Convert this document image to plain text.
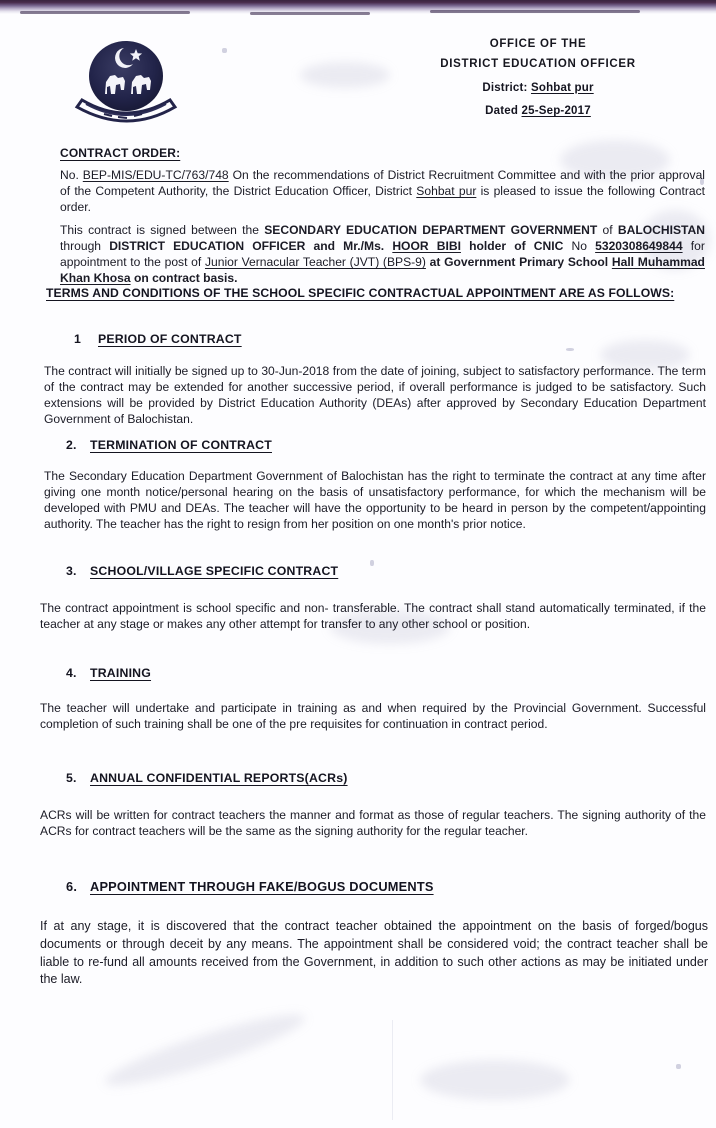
OFFICE OF THE
DISTRICT EDUCATION OFFICER
District: Sohbat pur
Dated 25-Sep-2017
CONTRACT ORDER:
No. BEP-MIS/EDU-TC/763/748 On the recommendations of District Recruitment Committee and with the prior approval of the Competent Authority, the District Education Officer, District Sohbat pur is pleased to issue the following Contract order.
This contract is signed between the SECONDARY EDUCATION DEPARTMENT GOVERNMENT of BALOCHISTAN through DISTRICT EDUCATION OFFICER and Mr./Ms. HOOR BIBI holder of CNIC No 5320308649844 for appointment to the post of Junior Vernacular Teacher (JVT) (BPS-9) at Government Primary School Hall Muhammad Khan Khosa on contract basis.
TERMS AND CONDITIONS OF THE SCHOOL SPECIFIC CONTRACTUAL APPOINTMENT ARE AS FOLLOWS:
1 PERIOD OF CONTRACT
The contract will initially be signed up to 30-Jun-2018 from the date of joining, subject to satisfactory performance. The term of the contract may be extended for another successive period, if overall performance is judged to be satisfactory. Such extensions will be provided by District Education Authority (DEAs) after approved by Secondary Education Department Government of Balochistan.
2. TERMINATION OF CONTRACT
The Secondary Education Department Government of Balochistan has the right to terminate the contract at any time after giving one month notice/personal hearing on the basis of unsatisfactory performance, for which the mechanism will be developed with PMU and DEAs. The teacher will have the opportunity to be heard in person by the competent/appointing authority. The teacher has the right to resign from her position on one month's prior notice.
3. SCHOOL/VILLAGE SPECIFIC CONTRACT
The contract appointment is school specific and non- transferable. The contract shall stand automatically terminated, if the teacher at any stage or makes any other attempt for transfer to any other school or position.
4. TRAINING
The teacher will undertake and participate in training as and when required by the Provincial Government. Successful completion of such training shall be one of the pre requisites for continuation in contract period.
5. ANNUAL CONFIDENTIAL REPORTS(ACRs)
ACRs will be written for contract teachers the manner and format as those of regular teachers. The signing authority of the ACRs for contract teachers will be the same as the signing authority for the regular teacher.
6. APPOINTMENT THROUGH FAKE/BOGUS DOCUMENTS
If at any stage, it is discovered that the contract teacher obtained the appointment on the basis of forged/bogus documents or through deceit by any means. The appointment shall be considered void; the contract teacher shall be liable to re-fund all amounts received from the Government, in addition to such other actions as may be initiated under the law.
